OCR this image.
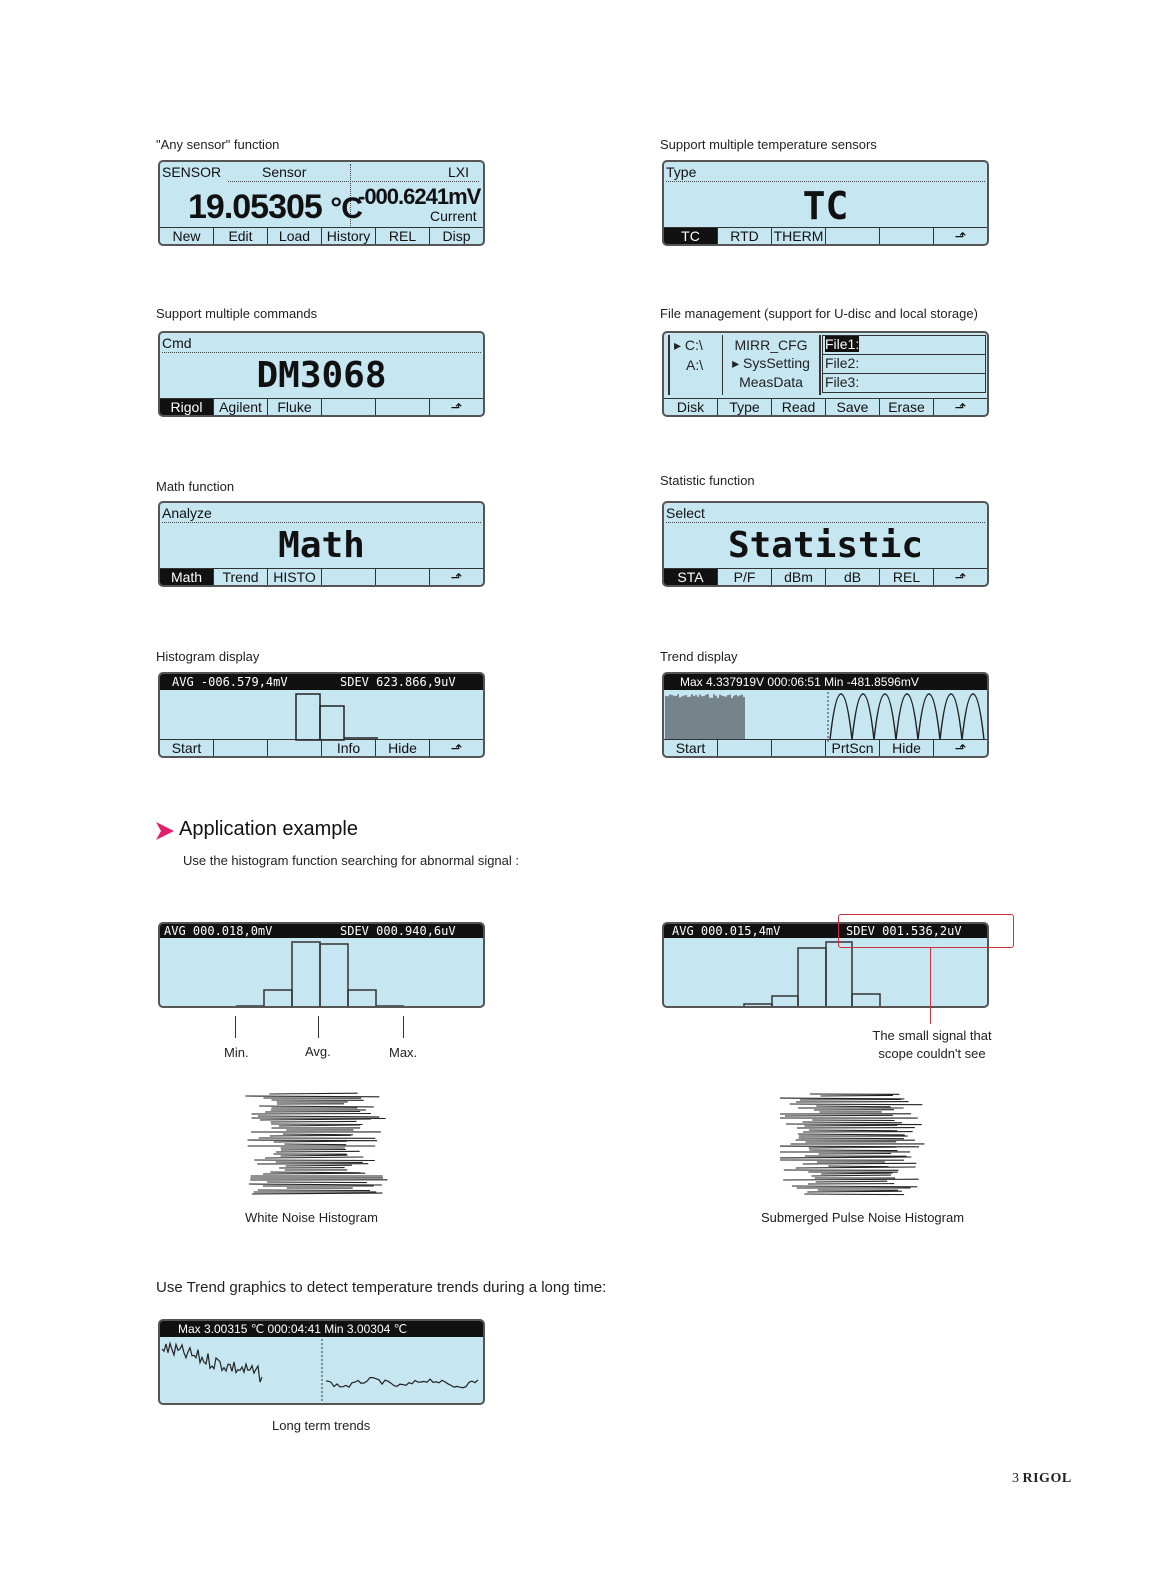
"Any sensor" function
SENSOR	Sensor	LXI
19.05305 °C
-000.6241mV
Current
New	Edit	Load	History	REL	Disp
Support multiple temperature sensors
Type
TC
TC	RTD	THERM	⬏
Support multiple commands
Cmd
DM3068
Rigol	Agilent	Fluke	⬏
File management (support for U-disc and local storage)
▸ C:\
A:\
MIRR_CFG
▸ SysSetting
MeasData
File1:
File2:
File3:
Disk	Type	Read	Save	Erase	⬏
Math function
Analyze
Math
Math	Trend	HISTO	⬏
Statistic function
Select
Statistic
STA	P/F	dBm	dB	REL	⬏
Histogram display
AVG -006.579,4mV	SDEV 623.866,9uV
Start	Info	Hide	⬏
Trend display
Max 4.337919V 000:06:51 Min -481.8596mV
Start	PrtScn	Hide	⬏
Application example
Use the histogram function searching for abnormal signal :
AVG 000.018,0mV	SDEV 000.940,6uV
Min.	Avg.	Max.
AVG 000.015,4mV	SDEV 001.536,2uV
The small signal that
scope couldn't see
White Noise Histogram	Submerged Pulse Noise Histogram
Use Trend graphics to detect temperature trends during a long time:
Max 3.00315 ℃ 000:04:41 Min 3.00304 ℃
Long term trends
3 RIGOL
